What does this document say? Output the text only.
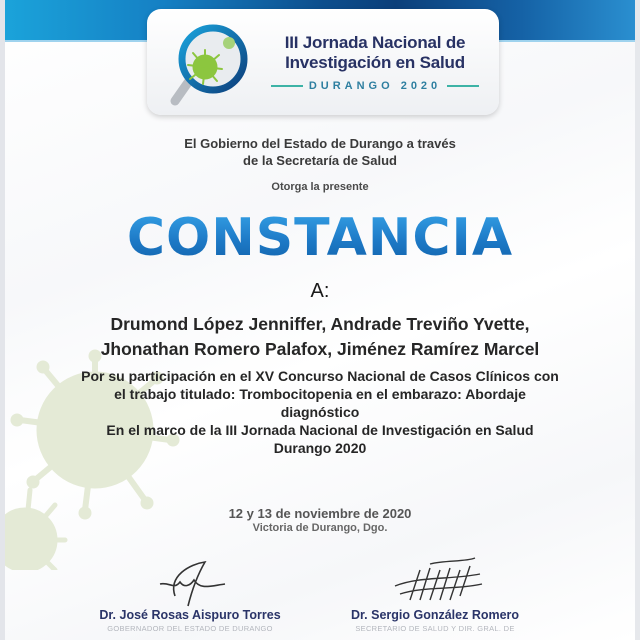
III Jornada Nacional de
Investigación en Salud
DURANGO 2020
El Gobierno del Estado de Durango a través
de la Secretaría de Salud
Otorga la presente
CONSTANCIA
A:
Drumond López Jenniffer, Andrade Treviño Yvette,
Jhonathan Romero Palafox, Jiménez Ramírez Marcel
Por su participación en el XV Concurso Nacional de Casos Clínicos con
el trabajo titulado: Trombocitopenia en el embarazo: Abordaje
diagnóstico
En el marco de la III Jornada Nacional de Investigación en Salud
Durango 2020
12 y 13 de noviembre de 2020
Victoria de Durango, Dgo.
Dr. José Rosas Aispuro Torres
GOBERNADOR DEL ESTADO DE DURANGO
Dr. Sergio González Romero
SECRETARIO DE SALUD Y DIR. GRAL. DE
